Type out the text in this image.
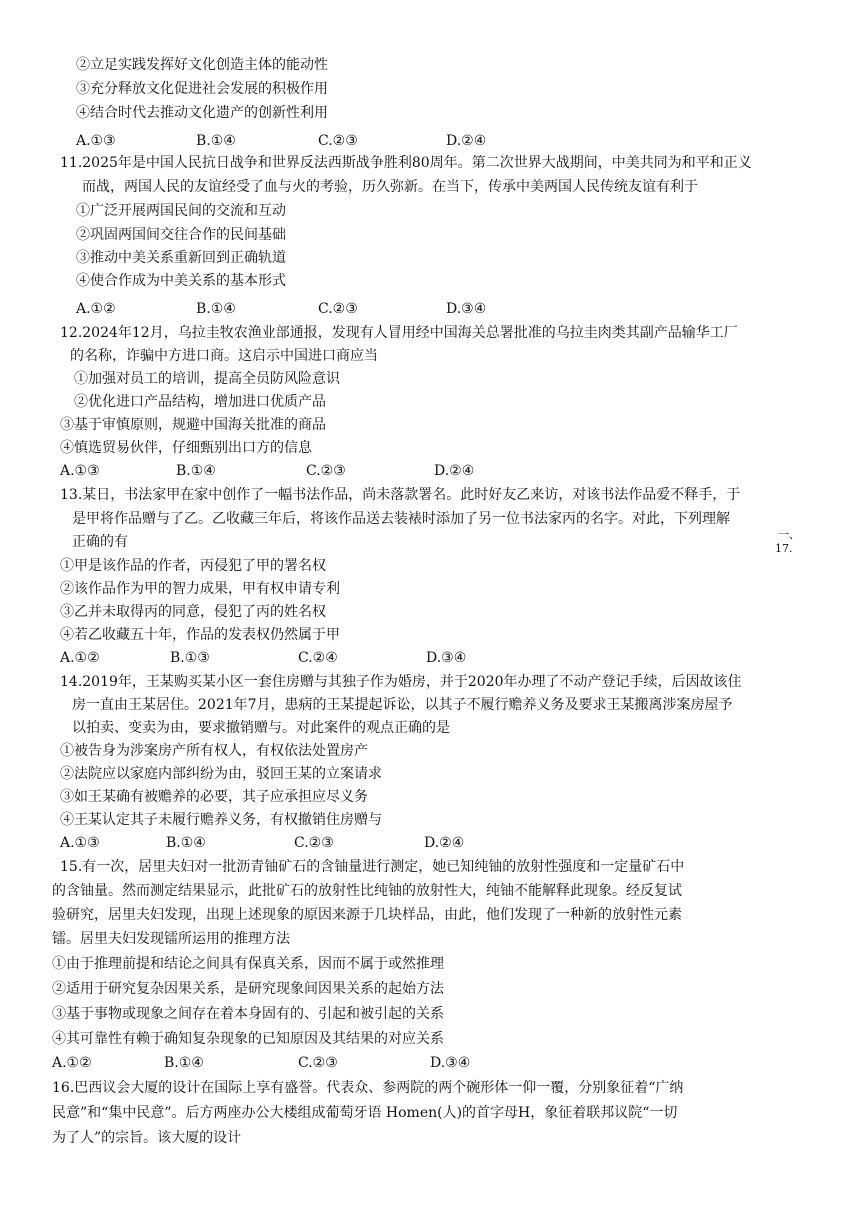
②立足实践发挥好文化创造主体的能动性
③充分释放文化促进社会发展的积极作用
④结合时代去推动文化遗产的创新性利用
A.①③	B.①④	C.②③	D.②④
11.2025年是中国人民抗日战争和世界反法西斯战争胜利80周年。第二次世界大战期间，中美共同为和平和正义
而战，两国人民的友谊经受了血与火的考验，历久弥新。在当下，传承中美两国人民传统友谊有利于
①广泛开展两国民间的交流和互动
②巩固两国间交往合作的民间基础
③推动中美关系重新回到正确轨道
④使合作成为中美关系的基本形式
A.①②	B.①④	C.②③	D.③④
12.2024年12月，乌拉圭牧农渔业部通报，发现有人冒用经中国海关总署批准的乌拉圭肉类其副产品输华工厂
的名称，诈骗中方进口商。这启示中国进口商应当
①加强对员工的培训，提高全员防风险意识
②优化进口产品结构，增加进口优质产品
③基于审慎原则，规避中国海关批准的商品
④慎选贸易伙伴，仔细甄别出口方的信息
A.①③	B.①④	C.②③	D.②④
13.某日，书法家甲在家中创作了一幅书法作品，尚未落款署名。此时好友乙来访，对该书法作品爱不释手，于
是甲将作品赠与了乙。乙收藏三年后，将该作品送去装裱时添加了另一位书法家丙的名字。对此，下列理解
正确的有	一、
17.
①甲是该作品的作者，丙侵犯了甲的署名权
②该作品作为甲的智力成果，甲有权申请专利
③乙并未取得丙的同意，侵犯了丙的姓名权
④若乙收藏五十年，作品的发表权仍然属于甲
A.①②	B.①③	C.②④	D.③④
14.2019年，王某购买某小区一套住房赠与其独子作为婚房，并于2020年办理了不动产登记手续，后因故该住
房一直由王某居住。2021年7月，患病的王某提起诉讼，以其子不履行赡养义务及要求王某搬离涉案房屋予
以拍卖、变卖为由，要求撤销赠与。对此案件的观点正确的是
①被告身为涉案房产所有权人，有权依法处置房产
②法院应以家庭内部纠纷为由，驳回王某的立案请求
③如王某确有被赡养的必要，其子应承担应尽义务
④王某认定其子未履行赡养义务，有权撤销住房赠与
A.①③	B.①④	C.②③	D.②④
15.有一次，居里夫妇对一批沥青铀矿石的含铀量进行测定，她已知纯铀的放射性强度和一定量矿石中
的含铀量。然而测定结果显示，此批矿石的放射性比纯铀的放射性大，纯铀不能解释此现象。经反复试
验研究，居里夫妇发现，出现上述现象的原因来源于几块样品，由此，他们发现了一种新的放射性元素
镭。居里夫妇发现镭所运用的推理方法
①由于推理前提和结论之间具有保真关系，因而不属于或然推理
②适用于研究复杂因果关系，是研究现象间因果关系的起始方法
③基于事物或现象之间存在着本身固有的、引起和被引起的关系
④其可靠性有赖于确知复杂现象的已知原因及其结果的对应关系
A.①②	B.①④	C.②③	D.③④
16.巴西议会大厦的设计在国际上享有盛誉。代表众、参两院的两个碗形体一仰一覆，分别象征着“广纳
民意”和“集中民意”。后方两座办公大楼组成葡萄牙语 Homen(人)的首字母H，象征着联邦议院“一切
为了人”的宗旨。该大厦的设计
